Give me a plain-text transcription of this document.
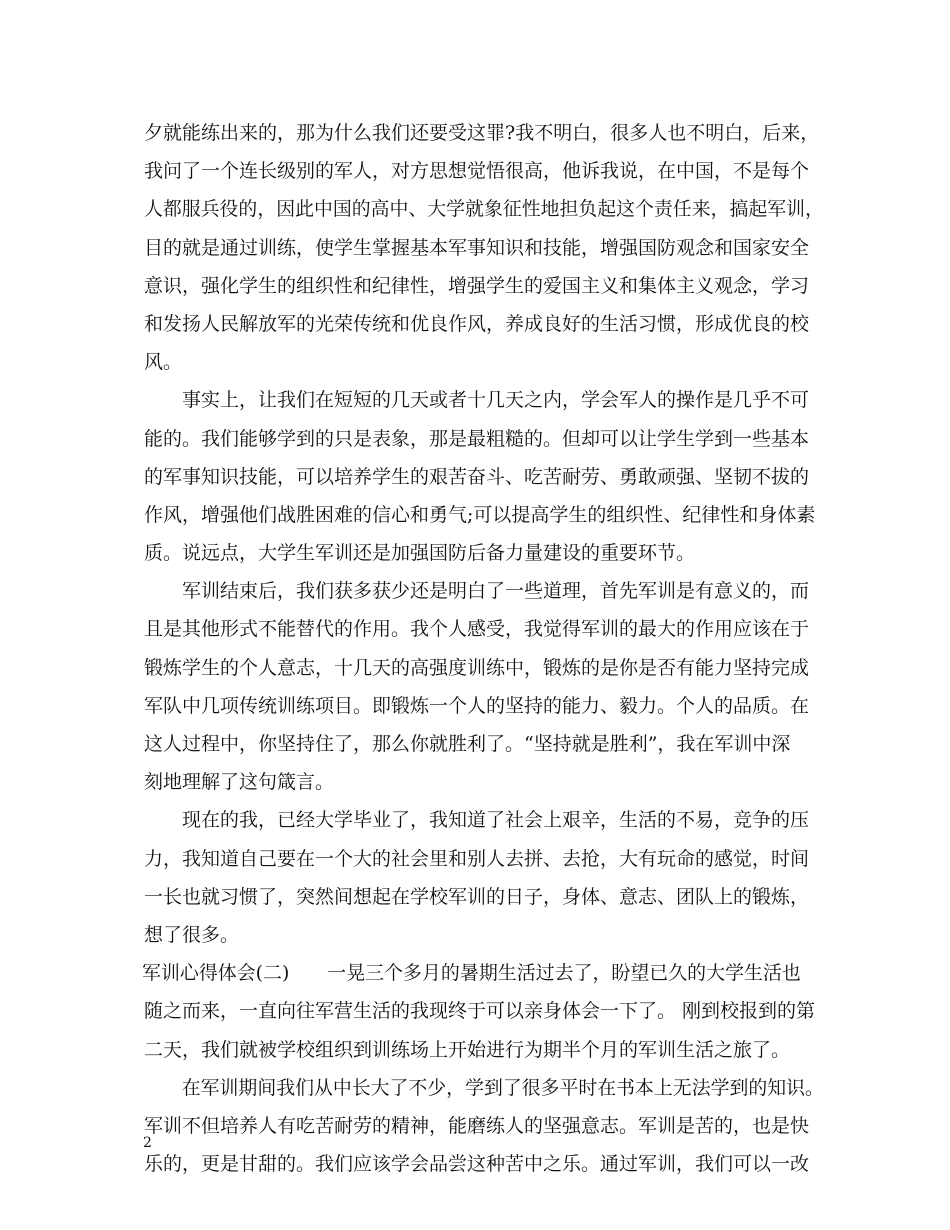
夕就能练出来的，那为什么我们还要受这罪?我不明白，很多人也不明白，后来，
我问了一个连长级别的军人，对方思想觉悟很高，他诉我说，在中国，不是每个
人都服兵役的，因此中国的高中、大学就象征性地担负起这个责任来，搞起军训，
目的就是通过训练，使学生掌握基本军事知识和技能，增强国防观念和国家安全
意识，强化学生的组织性和纪律性，增强学生的爱国主义和集体主义观念，学习
和发扬人民解放军的光荣传统和优良作风，养成良好的生活习惯，形成优良的校
风。
事实上，让我们在短短的几天或者十几天之内，学会军人的操作是几乎不可
能的。我们能够学到的只是表象，那是最粗糙的。但却可以让学生学到一些基本
的军事知识技能，可以培养学生的艰苦奋斗、吃苦耐劳、勇敢顽强、坚韧不拔的
作风，增强他们战胜困难的信心和勇气;可以提高学生的组织性、纪律性和身体素
质。说远点，大学生军训还是加强国防后备力量建设的重要环节。
军训结束后，我们获多获少还是明白了一些道理，首先军训是有意义的，而
且是其他形式不能替代的作用。我个人感受，我觉得军训的最大的作用应该在于
锻炼学生的个人意志，十几天的高强度训练中，锻炼的是你是否有能力坚持完成
军队中几项传统训练项目。即锻炼一个人的坚持的能力、毅力。个人的品质。在
这人过程中，你坚持住了，那么你就胜利了。“坚持就是胜利”，我在军训中深
刻地理解了这句箴言。
现在的我，已经大学毕业了，我知道了社会上艰辛，生活的不易，竞争的压
力，我知道自己要在一个大的社会里和别人去拼、去抢，大有玩命的感觉，时间
一长也就习惯了，突然间想起在学校军训的日子，身体、意志、团队上的锻炼，
想了很多。
军训心得体会(二)　　一晃三个多月的暑期生活过去了，盼望已久的大学生活也
随之而来，一直向往军营生活的我现终于可以亲身体会一下了。 刚到校报到的第
二天，我们就被学校组织到训练场上开始进行为期半个月的军训生活之旅了。
在军训期间我们从中长大了不少，学到了很多平时在书本上无法学到的知识。
军训不但培养人有吃苦耐劳的精神，能磨练人的坚强意志。军训是苦的，也是快
乐的，更是甘甜的。我们应该学会品尝这种苦中之乐。通过军训，我们可以一改
2
